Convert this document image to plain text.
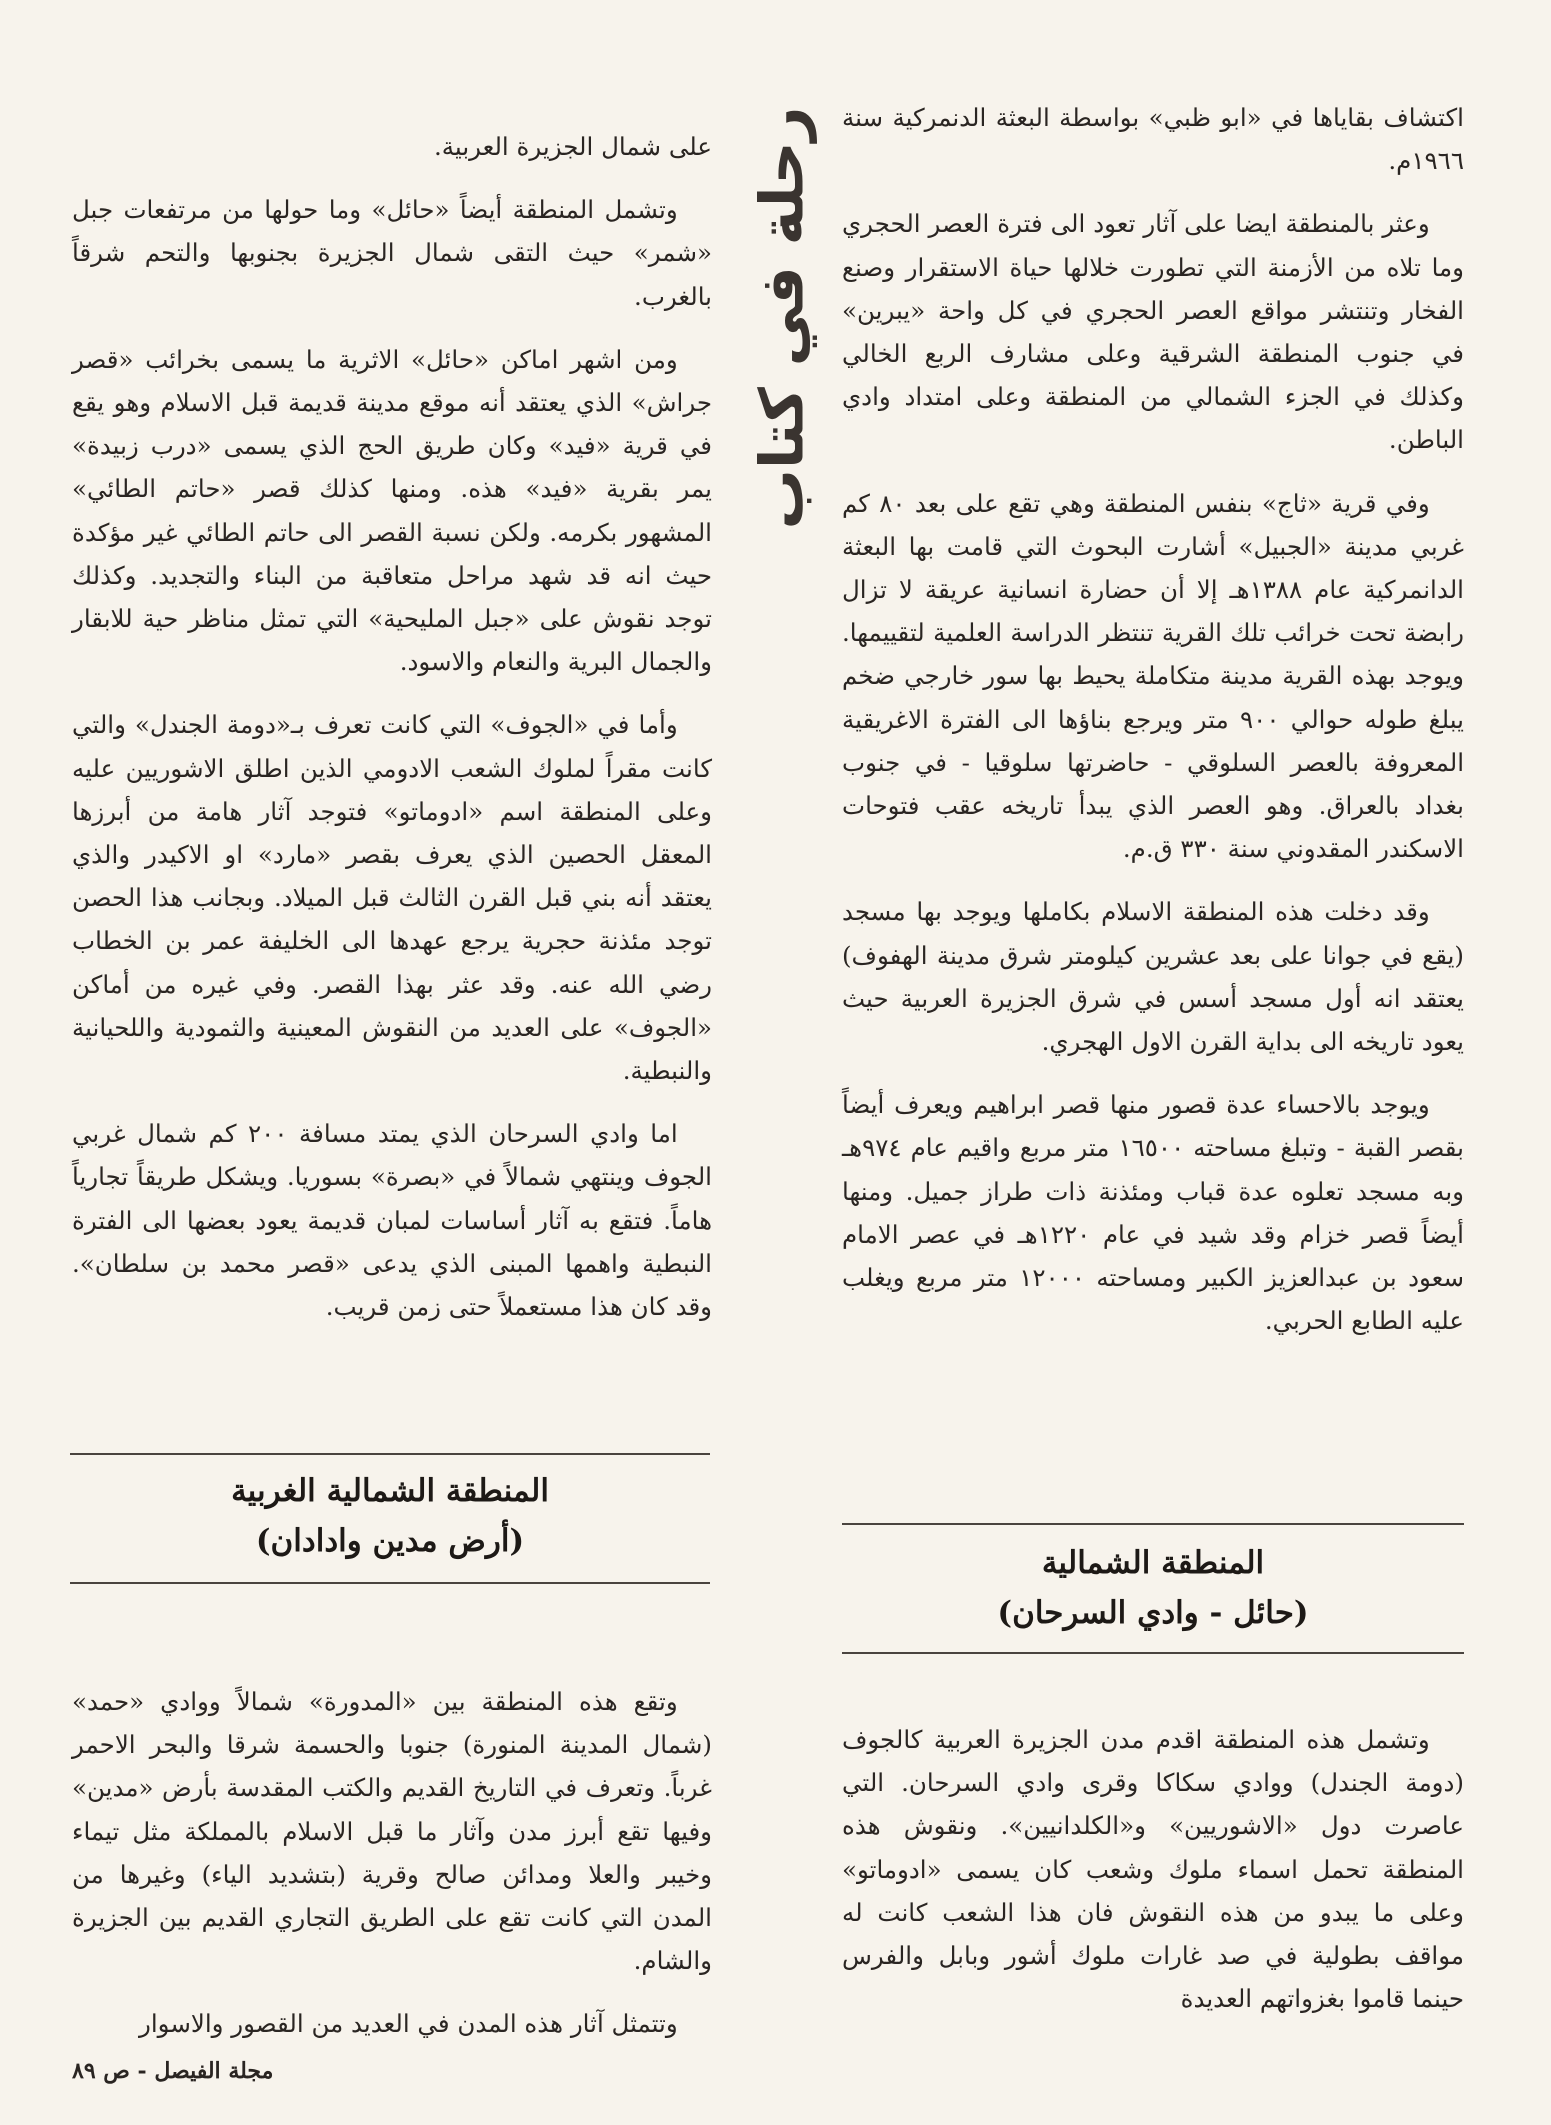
اكتشاف بقاياها في «ابو ظبي» بواسطة البعثة الدنمركية سنة ١٩٦٦م.

وعثر بالمنطقة ايضا على آثار تعود الى فترة العصر الحجري وما تلاه من الأزمنة التي تطورت خلالها حياة الاستقرار وصنع الفخار وتنتشر مواقع العصر الحجري في كل واحة «يبرين» في جنوب المنطقة الشرقية وعلى مشارف الربع الخالي وكذلك في الجزء الشمالي من المنطقة وعلى امتداد وادي الباطن.

وفي قرية «ثاج» بنفس المنطقة وهي تقع على بعد ٨٠ كم غربي مدينة «الجبيل» أشارت البحوث التي قامت بها البعثة الدانمركية عام ١٣٨٨هـ إلا أن حضارة انسانية عريقة لا تزال رابضة تحت خرائب تلك القرية تنتظر الدراسة العلمية لتقييمها. ويوجد بهذه القرية مدينة متكاملة يحيط بها سور خارجي ضخم يبلغ طوله حوالي ٩٠٠ متر ويرجع بناؤها الى الفترة الاغريقية المعروفة بالعصر السلوقي - حاضرتها سلوقيا - في جنوب بغداد بالعراق. وهو العصر الذي يبدأ تاريخه عقب فتوحات الاسكندر المقدوني سنة ٣٣٠ ق.م.

وقد دخلت هذه المنطقة الاسلام بكاملها ويوجد بها مسجد (يقع في جوانا على بعد عشرين كيلومتر شرق مدينة الهفوف) يعتقد انه أول مسجد أسس في شرق الجزيرة العربية حيث يعود تاريخه الى بداية القرن الاول الهجري.

ويوجد بالاحساء عدة قصور منها قصر ابراهيم ويعرف أيضاً بقصر القبة - وتبلغ مساحته ١٦٥٠٠ متر مربع واقيم عام ٩٧٤هـ وبه مسجد تعلوه عدة قباب ومئذنة ذات طراز جميل. ومنها أيضاً قصر خزام وقد شيد في عام ١٢٢٠هـ في عصر الامام سعود بن عبدالعزيز الكبير ومساحته ١٢٠٠٠ متر مربع ويغلب عليه الطابع الحربي.

رحلة في كتاب

على شمال الجزيرة العربية.

وتشمل المنطقة أيضاً «حائل» وما حولها من مرتفعات جبل «شمر» حيث التقى شمال الجزيرة بجنوبها والتحم شرقاً بالغرب.

ومن اشهر اماكن «حائل» الاثرية ما يسمى بخرائب «قصر جراش» الذي يعتقد أنه موقع مدينة قديمة قبل الاسلام وهو يقع في قرية «فيد» وكان طريق الحج الذي يسمى «درب زبيدة» يمر بقرية «فيد» هذه. ومنها كذلك قصر «حاتم الطائي» المشهور بكرمه. ولكن نسبة القصر الى حاتم الطائي غير مؤكدة حيث انه قد شهد مراحل متعاقبة من البناء والتجديد. وكذلك توجد نقوش على «جبل المليحية» التي تمثل مناظر حية للابقار والجمال البرية والنعام والاسود.

وأما في «الجوف» التي كانت تعرف بـ«دومة الجندل» والتي كانت مقراً لملوك الشعب الادومي الذين اطلق الاشوريين عليه وعلى المنطقة اسم «ادوماتو» فتوجد آثار هامة من أبرزها المعقل الحصين الذي يعرف بقصر «مارد» او الاكيدر والذي يعتقد أنه بني قبل القرن الثالث قبل الميلاد. وبجانب هذا الحصن توجد مئذنة حجرية يرجع عهدها الى الخليفة عمر بن الخطاب رضي الله عنه. وقد عثر بهذا القصر. وفي غيره من أماكن «الجوف» على العديد من النقوش المعينية والثمودية واللحيانية والنبطية.

اما وادي السرحان الذي يمتد مسافة ٢٠٠ كم شمال غربي الجوف وينتهي شمالاً في «بصرة» بسوريا. ويشكل طريقاً تجارياً هاماً. فتقع به آثار أساسات لمبان قديمة يعود بعضها الى الفترة النبطية واهمها المبنى الذي يدعى «قصر محمد بن سلطان». وقد كان هذا مستعملاً حتى زمن قريب.

المنطقة الشمالية الغربية
(أرض مدين وادادان)
المنطقة الشمالية
(حائل - وادي السرحان)

وتشمل هذه المنطقة اقدم مدن الجزيرة العربية كالجوف (دومة الجندل) ووادي سكاكا وقرى وادي السرحان. التي عاصرت دول «الاشوريين» و«الكلدانيين». ونقوش هذه المنطقة تحمل اسماء ملوك وشعب كان يسمى «ادوماتو» وعلى ما يبدو من هذه النقوش فان هذا الشعب كانت له مواقف بطولية في صد غارات ملوك أشور وبابل والفرس حينما قاموا بغزواتهم العديدة

وتقع هذه المنطقة بين «المدورة» شمالاً ووادي «حمد» (شمال المدينة المنورة) جنوبا والحسمة شرقا والبحر الاحمر غرباً. وتعرف في التاريخ القديم والكتب المقدسة بأرض «مدين» وفيها تقع أبرز مدن وآثار ما قبل الاسلام بالمملكة مثل تيماء وخيبر والعلا ومدائن صالح وقرية (بتشديد الياء) وغيرها من المدن التي كانت تقع على الطريق التجاري القديم بين الجزيرة والشام.

وتتمثل آثار هذه المدن في العديد من القصور والاسوار

مجلة الفيصل - ص ٨٩
